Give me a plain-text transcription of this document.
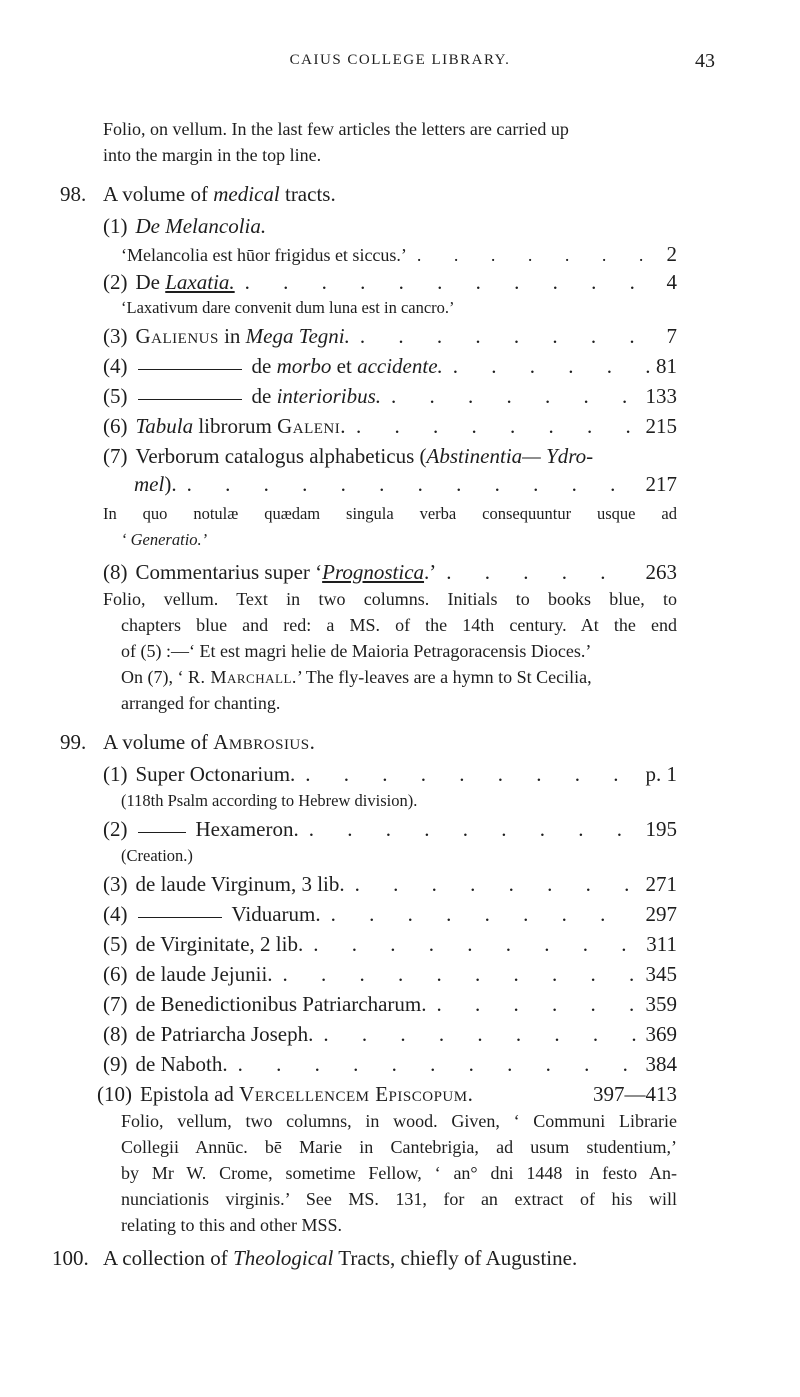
CAIUS COLLEGE LIBRARY.	43
Folio, on vellum. In the last few articles the letters are carried up
into the margin in the top line.
98. A volume of medical tracts.
(1) De Melancolia.
‘Melancolia est hūor frigidus et siccus.’ . . .	2
(2) De Laxatia. . . .	4
‘Laxativum dare convenit dum luna est in cancro.’
(3) Galienus in Mega Tegni. . . .	7
(4)	de morbo et accidente. . . .	81
(5)	de interioribus. . . .	133
(6) Tabula librorum Galeni. . . .	215
(7) Verborum catalogus alphabeticus (Abstinentia— Ydro-
mel). . . .	217
In quo notulæ quædam singula verba consequuntur usque ad
‘ Generatio.’
(8) Commentarius super ‘Prognostica.’ . . .	263
Folio, vellum. Text in two columns. Initials to books blue, to
chapters blue and red: a MS. of the 14th century. At the end
of (5) :—‘ Et est magri helie de Maioria Petragoracensis Dioces.’
On (7), ‘ R. Marchall.’ The fly-leaves are a hymn to St Cecilia,
arranged for chanting.
99. A volume of Ambrosius.
(1) Super Octonarium. . . .	p. 1
(118th Psalm according to Hebrew division).
(2)	Hexameron. . . .	195
(Creation.)
(3) de laude Virginum, 3 lib. . . .	271
(4)	Viduarum. . . .	297
(5) de Virginitate, 2 lib. . . .	311
(6) de laude Jejunii. . . .	345
(7) de Benedictionibus Patriarcharum. . . .	359
(8) de Patriarcha Joseph. . . .	369
(9) de Naboth. . . .	384
(10) Epistola ad Vercellencem Episcopum.	397—413
Folio, vellum, two columns, in wood. Given, ‘ Communi Librarie
Collegii Annūc. bē Marie in Cantebrigia, ad usum studentium,’
by Mr W. Crome, sometime Fellow, ‘ an° dni 1448 in festo An-
nunciationis virginis.’ See MS. 131, for an extract of his will
relating to this and other MSS.
100. A collection of Theological Tracts, chiefly of Augustine.
